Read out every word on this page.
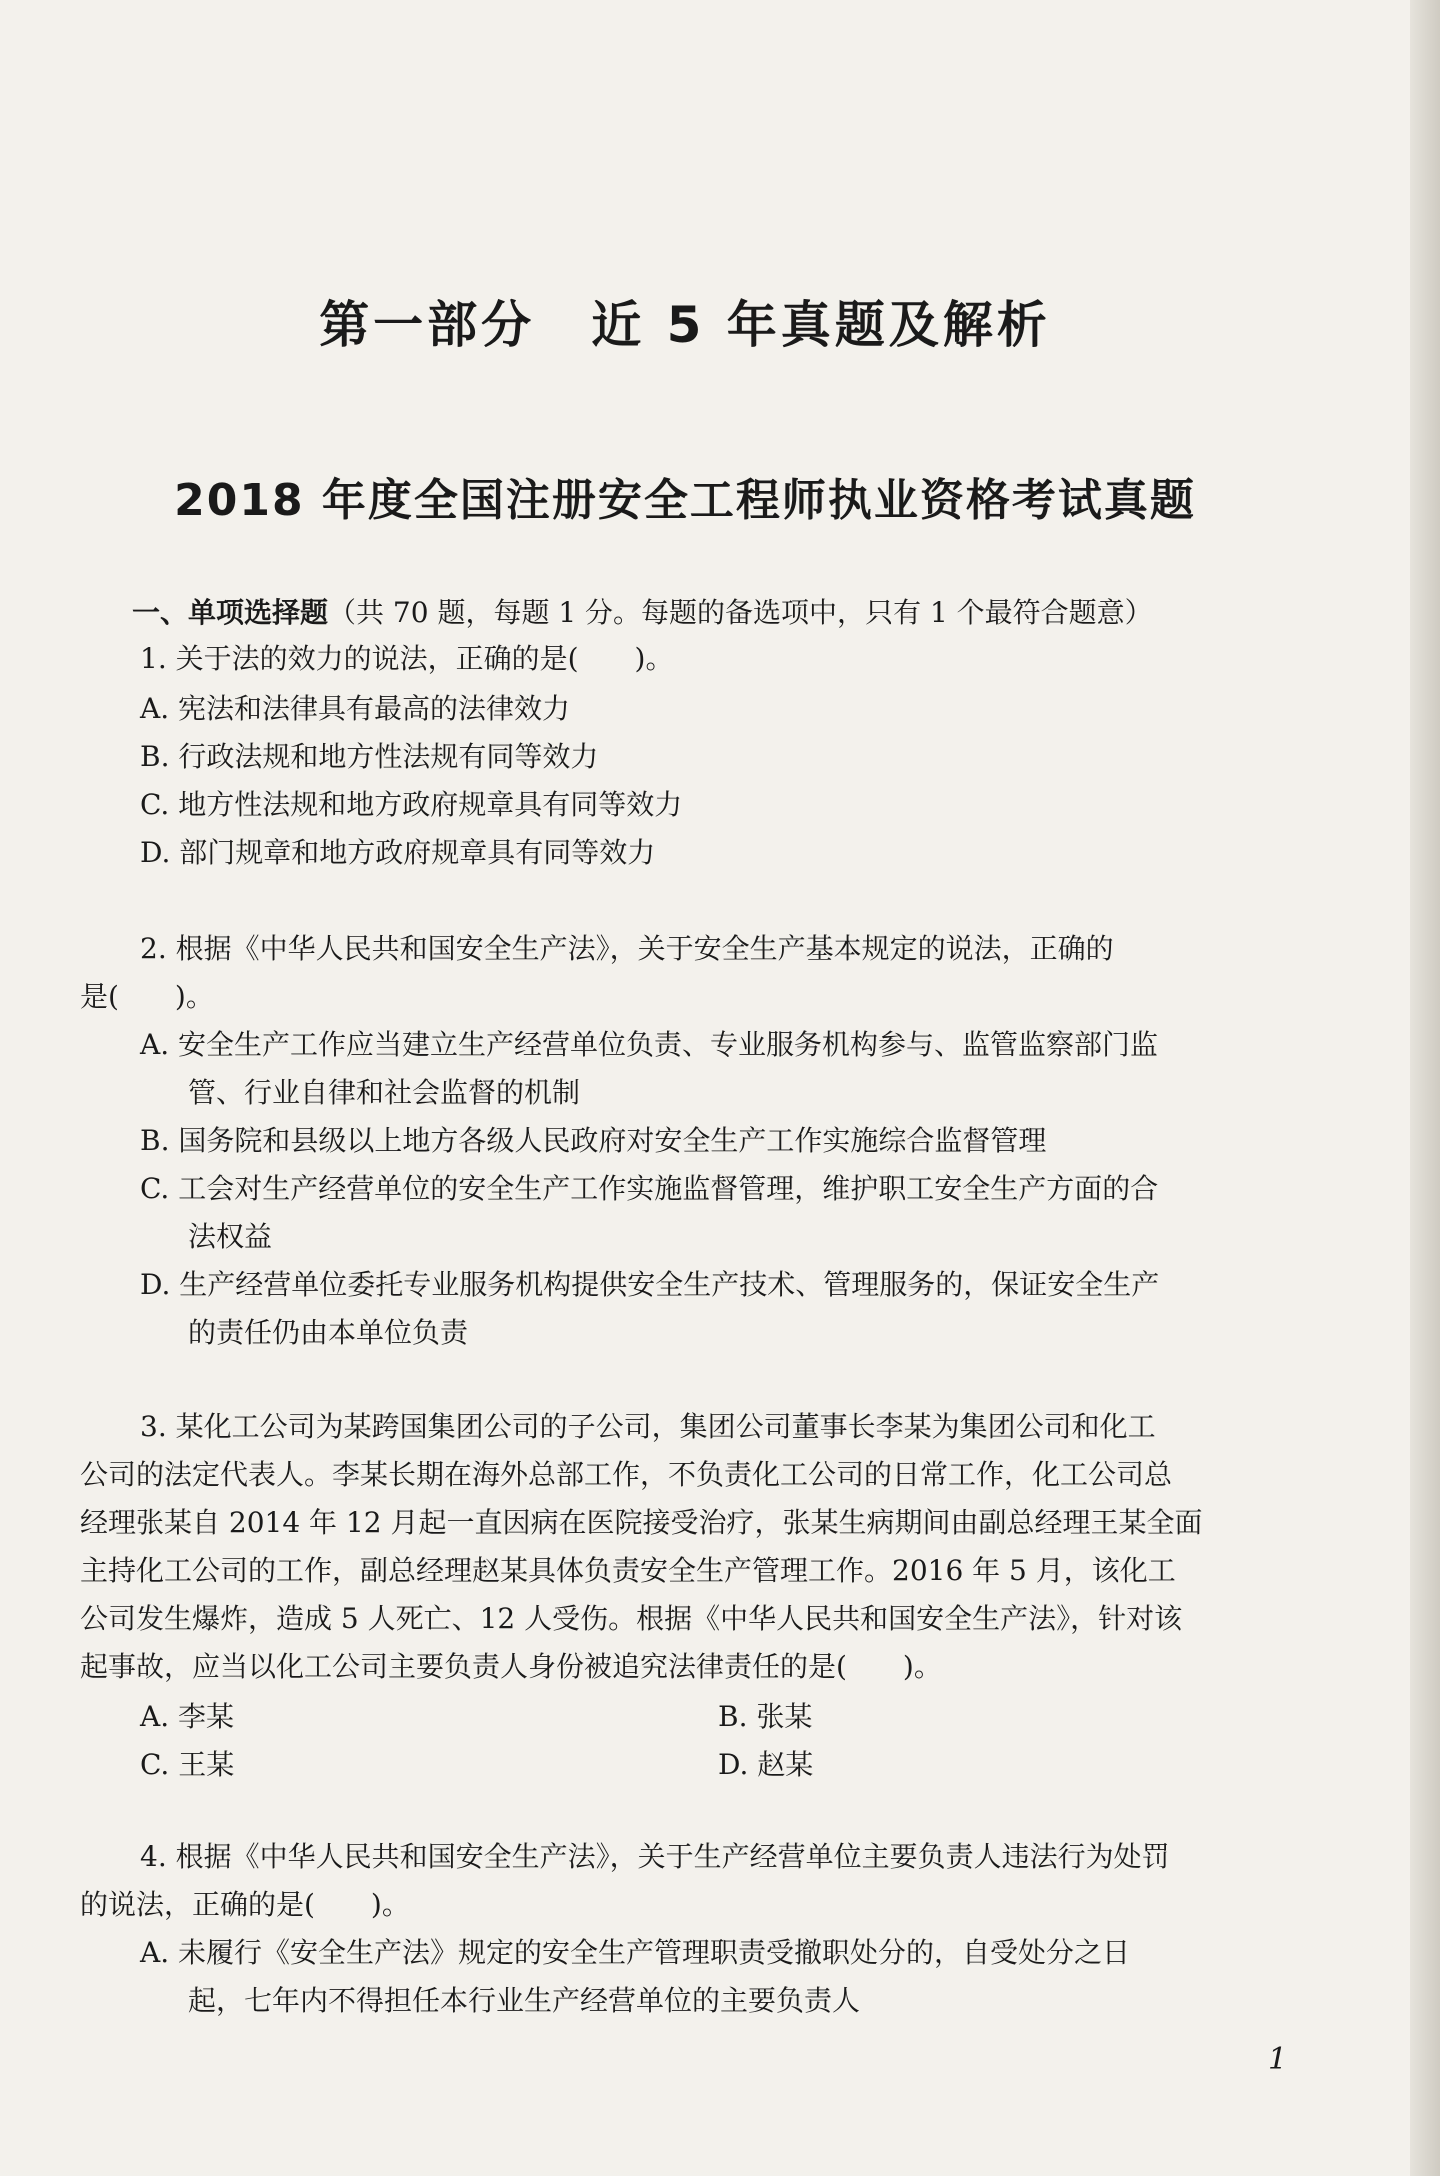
第一部分 近 5 年真题及解析
2018 年度全国注册安全工程师执业资格考试真题
一、单项选择题（共 70 题，每题 1 分。每题的备选项中，只有 1 个最符合题意）
1. 关于法的效力的说法，正确的是(　　)。
A. 宪法和法律具有最高的法律效力
B. 行政法规和地方性法规有同等效力
C. 地方性法规和地方政府规章具有同等效力
D. 部门规章和地方政府规章具有同等效力
2. 根据《中华人民共和国安全生产法》，关于安全生产基本规定的说法，正确的
是(　　)。
A. 安全生产工作应当建立生产经营单位负责、专业服务机构参与、监管监察部门监
管、行业自律和社会监督的机制
B. 国务院和县级以上地方各级人民政府对安全生产工作实施综合监督管理
C. 工会对生产经营单位的安全生产工作实施监督管理，维护职工安全生产方面的合
法权益
D. 生产经营单位委托专业服务机构提供安全生产技术、管理服务的，保证安全生产
的责任仍由本单位负责
3. 某化工公司为某跨国集团公司的子公司，集团公司董事长李某为集团公司和化工
公司的法定代表人。李某长期在海外总部工作，不负责化工公司的日常工作，化工公司总
经理张某自 2014 年 12 月起一直因病在医院接受治疗，张某生病期间由副总经理王某全面
主持化工公司的工作，副总经理赵某具体负责安全生产管理工作。2016 年 5 月，该化工
公司发生爆炸，造成 5 人死亡、12 人受伤。根据《中华人民共和国安全生产法》，针对该
起事故，应当以化工公司主要负责人身份被追究法律责任的是(　　)。
A. 李某	B. 张某
C. 王某	D. 赵某
4. 根据《中华人民共和国安全生产法》，关于生产经营单位主要负责人违法行为处罚
的说法，正确的是(　　)。
A. 未履行《安全生产法》规定的安全生产管理职责受撤职处分的，自受处分之日
起，七年内不得担任本行业生产经营单位的主要负责人
1
